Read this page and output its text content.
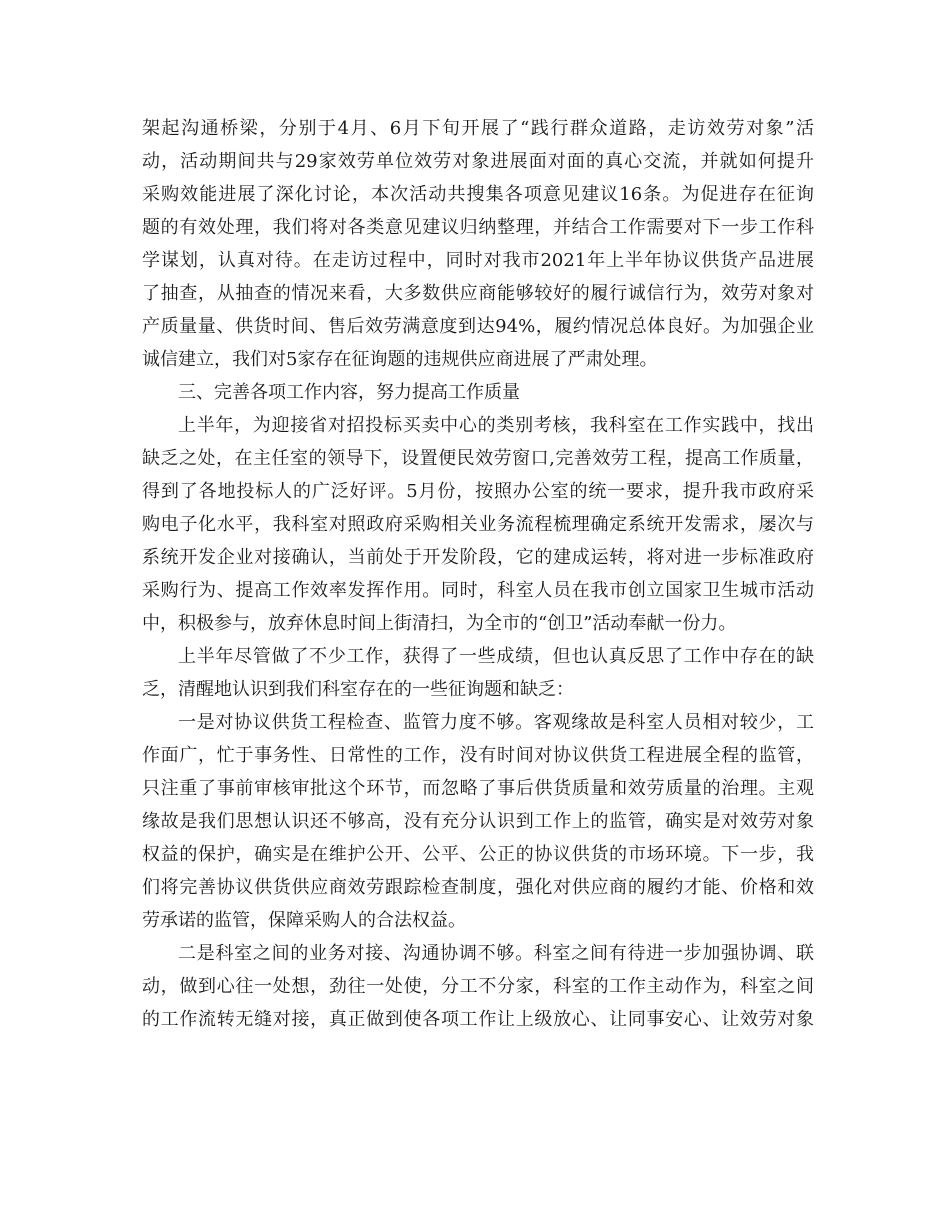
架起沟通桥梁，分别于4月、6月下旬开展了“践行群众道路，走访效劳对象”活
动，活动期间共与29家效劳单位效劳对象进展面对面的真心交流，并就如何提升
采购效能进展了深化讨论，本次活动共搜集各项意见建议16条。为促进存在征询
题的有效处理，我们将对各类意见建议归纳整理，并结合工作需要对下一步工作科
学谋划，认真对待。在走访过程中，同时对我市2021年上半年协议供货产品进展
了抽查，从抽查的情况来看，大多数供应商能够较好的履行诚信行为，效劳对象对
产质量量、供货时间、售后效劳满意度到达94%，履约情况总体良好。为加强企业
诚信建立，我们对5家存在征询题的违规供应商进展了严肃处理。
三、完善各项工作内容，努力提高工作质量
上半年，为迎接省对招投标买卖中心的类别考核，我科室在工作实践中，找出
缺乏之处，在主任室的领导下，设置便民效劳窗口,完善效劳工程，提高工作质量，
得到了各地投标人的广泛好评。5月份，按照办公室的统一要求，提升我市政府采
购电子化水平，我科室对照政府采购相关业务流程梳理确定系统开发需求，屡次与
系统开发企业对接确认，当前处于开发阶段，它的建成运转，将对进一步标准政府
采购行为、提高工作效率发挥作用。同时，科室人员在我市创立国家卫生城市活动
中，积极参与，放弃休息时间上街清扫，为全市的“创卫”活动奉献一份力。
上半年尽管做了不少工作，获得了一些成绩，但也认真反思了工作中存在的缺
乏，清醒地认识到我们科室存在的一些征询题和缺乏：
一是对协议供货工程检查、监管力度不够。客观缘故是科室人员相对较少，工
作面广，忙于事务性、日常性的工作，没有时间对协议供货工程进展全程的监管，
只注重了事前审核审批这个环节，而忽略了事后供货质量和效劳质量的治理。主观
缘故是我们思想认识还不够高，没有充分认识到工作上的监管，确实是对效劳对象
权益的保护，确实是在维护公开、公平、公正的协议供货的市场环境。下一步，我
们将完善协议供货供应商效劳跟踪检查制度，强化对供应商的履约才能、价格和效
劳承诺的监管，保障采购人的合法权益。
二是科室之间的业务对接、沟通协调不够。科室之间有待进一步加强协调、联
动，做到心往一处想，劲往一处使，分工不分家，科室的工作主动作为，科室之间
的工作流转无缝对接，真正做到使各项工作让上级放心、让同事安心、让效劳对象
